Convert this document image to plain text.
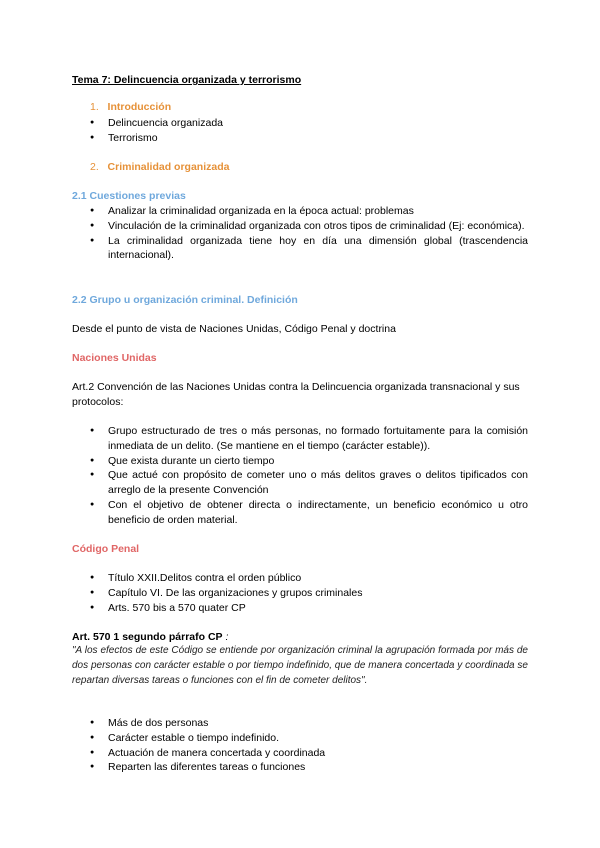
Tema 7: Delincuencia organizada y terrorismo
1. Introducción
● Delincuencia organizada
● Terrorismo
2. Criminalidad organizada
2.1 Cuestiones previas
● Analizar la criminalidad organizada en la época actual: problemas
● Vinculación de la criminalidad organizada con otros tipos de criminalidad (Ej: económica).
● La criminalidad organizada tiene hoy en día una dimensión global (trascendencia internacional).
2.2 Grupo u organización criminal. Definición
Desde el punto de vista de Naciones Unidas, Código Penal y doctrina
Naciones Unidas
Art.2 Convención de las Naciones Unidas contra la Delincuencia organizada transnacional y sus protocolos:
● Grupo estructurado de tres o más personas, no formado fortuitamente para la comisión inmediata de un delito. (Se mantiene en el tiempo (carácter estable)).
● Que exista durante un cierto tiempo
● Que actué con propósito de cometer uno o más delitos graves o delitos tipificados con arreglo de la presente Convención
● Con el objetivo de obtener directa o indirectamente, un beneficio económico u otro beneficio de orden material.
Código Penal
● Título XXII.Delitos contra el orden público
● Capítulo VI. De las organizaciones y grupos criminales
● Arts. 570 bis a 570 quater CP
Art. 570 1 segundo párrafo CP :
"A los efectos de este Código se entiende por organización criminal la agrupación formada por más de dos personas con carácter estable o por tiempo indefinido, que de manera concertada y coordinada se repartan diversas tareas o funciones con el fin de cometer delitos".
● Más de dos personas
● Carácter estable o tiempo indefinido.
● Actuación de manera concertada y coordinada
● Reparten las diferentes tareas o funciones
